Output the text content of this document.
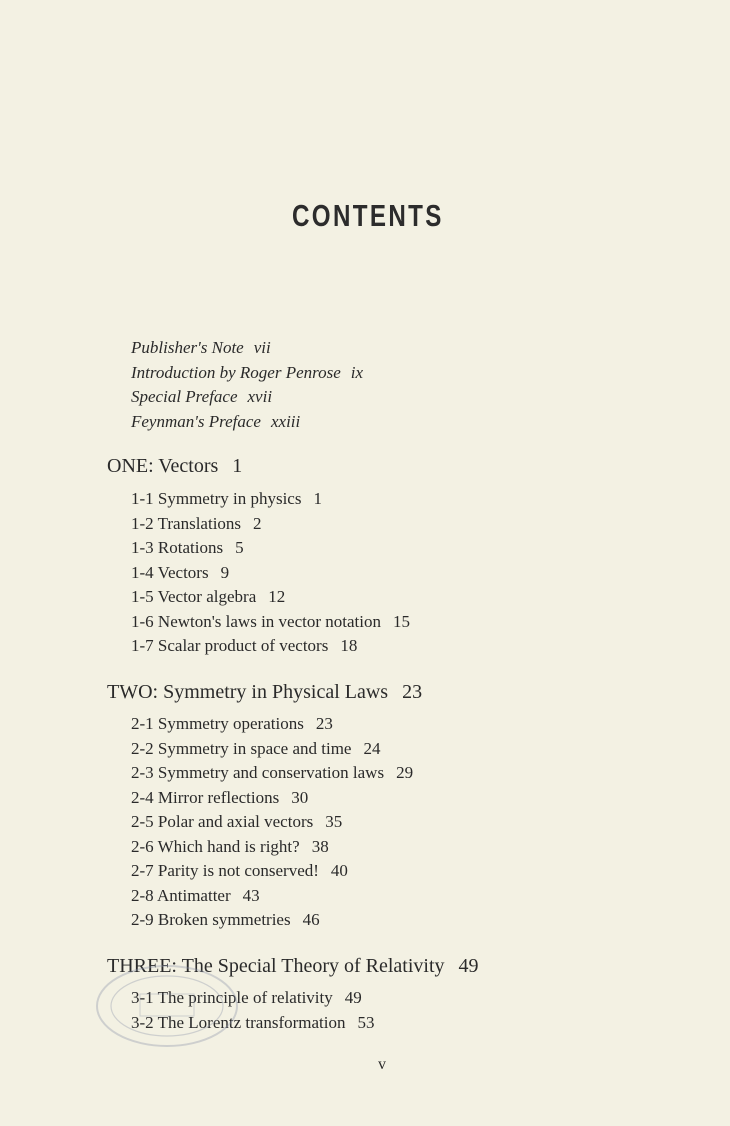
CONTENTS
Publisher's Note vii
Introduction by Roger Penrose ix
Special Preface xvii
Feynman's Preface xxiii
ONE: Vectors 1
1-1 Symmetry in physics 1
1-2 Translations 2
1-3 Rotations 5
1-4 Vectors 9
1-5 Vector algebra 12
1-6 Newton's laws in vector notation 15
1-7 Scalar product of vectors 18
TWO: Symmetry in Physical Laws 23
2-1 Symmetry operations 23
2-2 Symmetry in space and time 24
2-3 Symmetry and conservation laws 29
2-4 Mirror reflections 30
2-5 Polar and axial vectors 35
2-6 Which hand is right? 38
2-7 Parity is not conserved! 40
2-8 Antimatter 43
2-9 Broken symmetries 46
THREE: The Special Theory of Relativity 49
3-1 The principle of relativity 49
3-2 The Lorentz transformation 53
v
